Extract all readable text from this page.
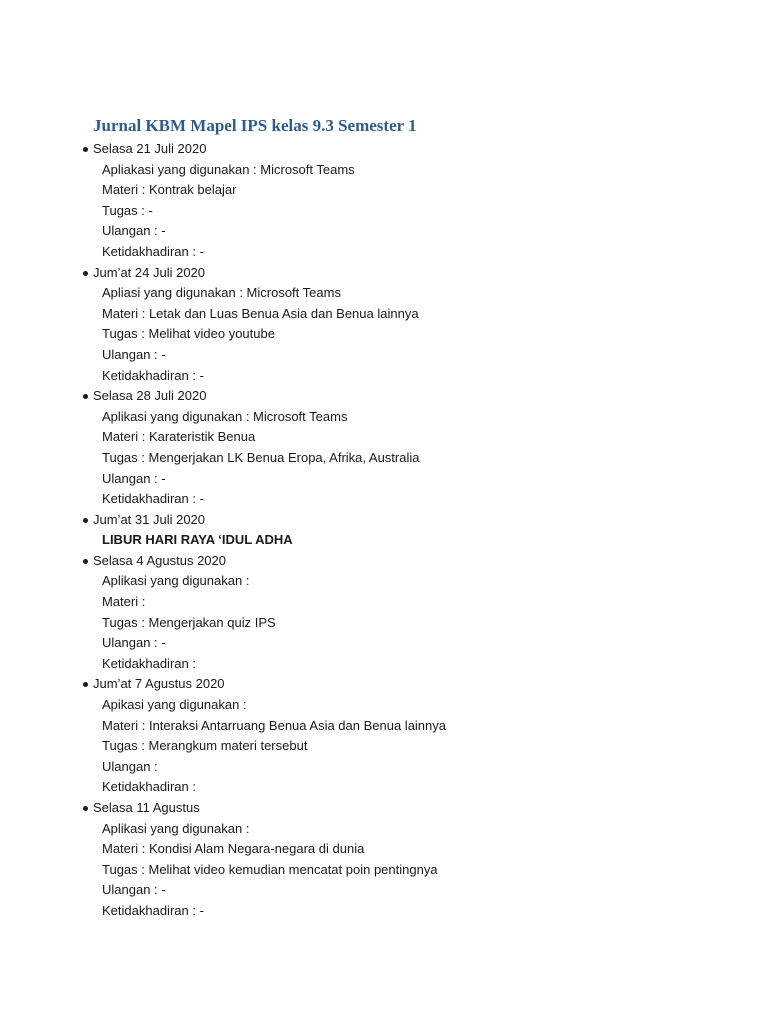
Jurnal KBM Mapel IPS kelas 9.3 Semester 1
Selasa 21 Juli 2020
Apliakasi yang digunakan : Microsoft Teams
Materi : Kontrak belajar
Tugas : -
Ulangan : -
Ketidakhadiran : -
Jum’at 24 Juli 2020
Apliasi yang digunakan : Microsoft Teams
Materi : Letak dan Luas Benua Asia dan Benua lainnya
Tugas : Melihat video youtube
Ulangan : -
Ketidakhadiran : -
Selasa 28 Juli 2020
Aplikasi yang digunakan : Microsoft Teams
Materi : Karateristik Benua
Tugas : Mengerjakan LK Benua Eropa, Afrika, Australia
Ulangan : -
Ketidakhadiran : -
Jum’at 31 Juli 2020
LIBUR HARI RAYA ‘IDUL ADHA
Selasa 4 Agustus 2020
Aplikasi yang digunakan :
Materi :
Tugas : Mengerjakan quiz IPS
Ulangan : -
Ketidakhadiran :
Jum’at 7 Agustus 2020
Apikasi yang digunakan :
Materi : Interaksi Antarruang Benua Asia dan Benua lainnya
Tugas : Merangkum materi tersebut
Ulangan :
Ketidakhadiran :
Selasa 11 Agustus
Aplikasi yang digunakan :
Materi : Kondisi Alam Negara-negara di dunia
Tugas : Melihat video kemudian mencatat poin pentingnya
Ulangan : -
Ketidakhadiran : -
